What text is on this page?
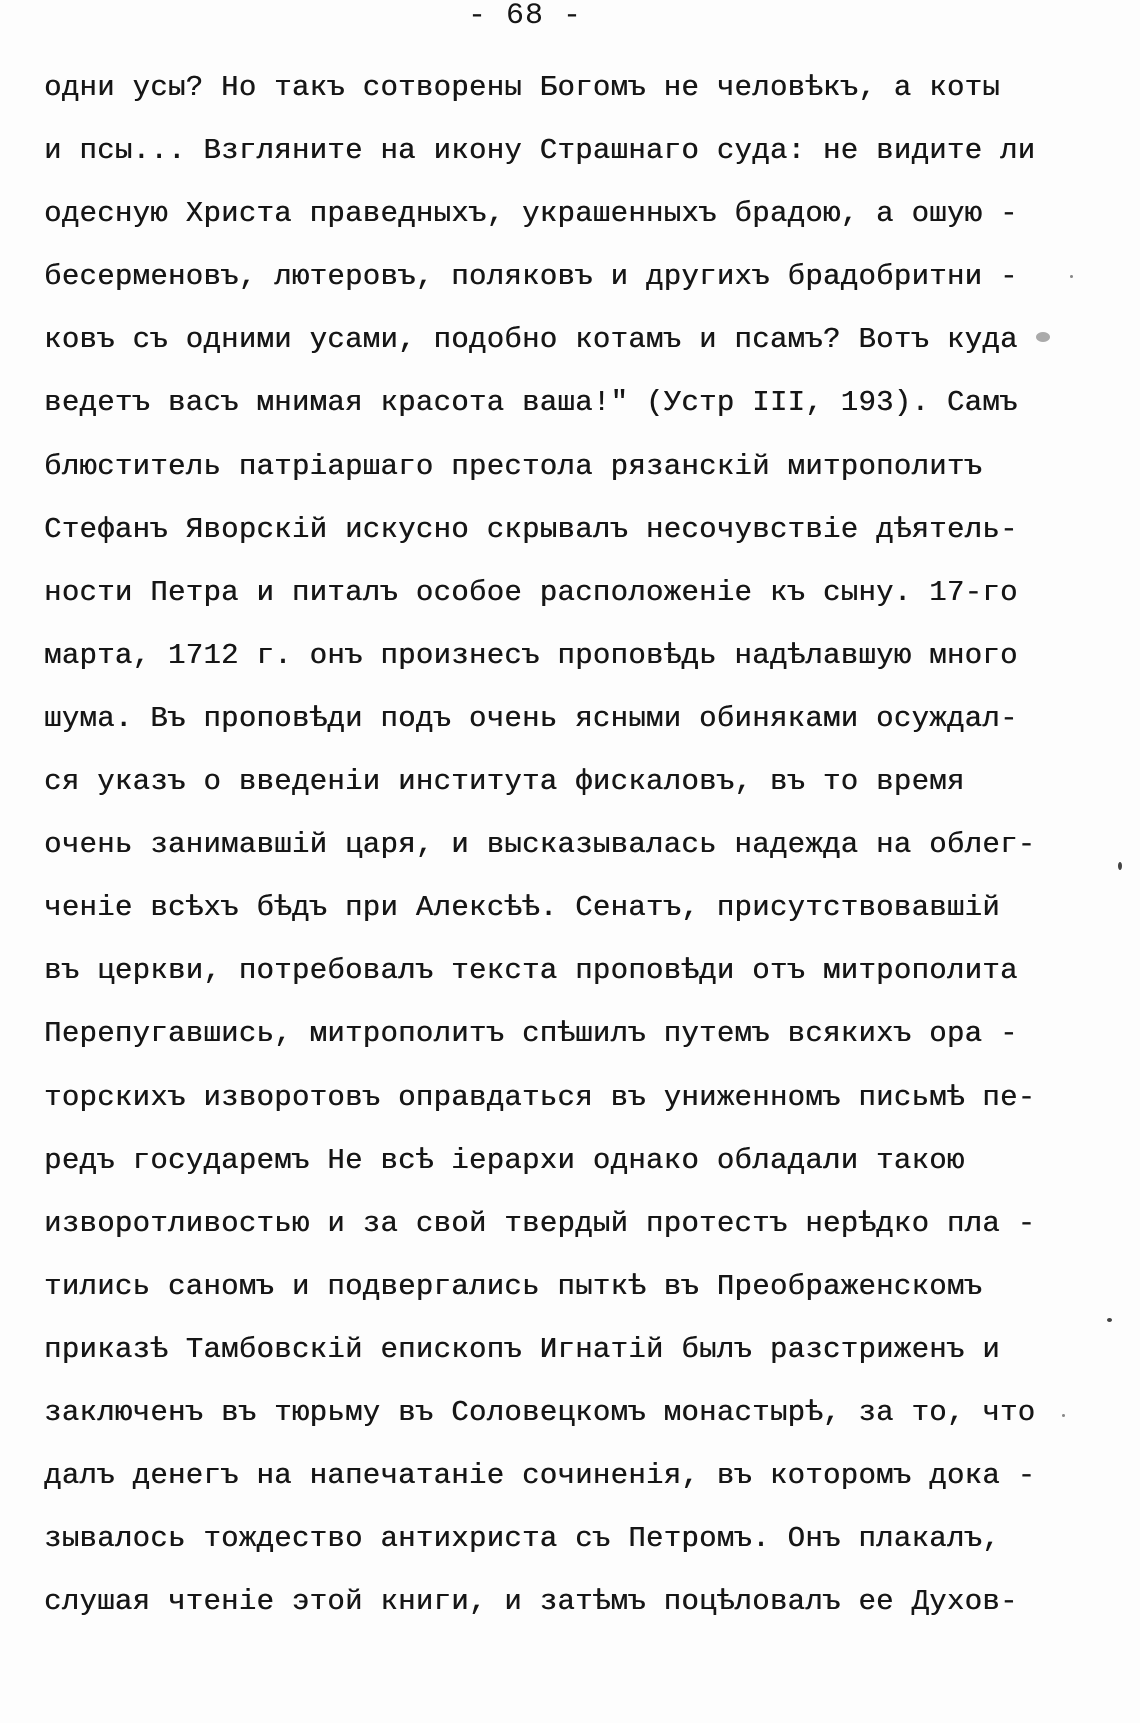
- 68 -
одни усы? Но такъ сотворены Богомъ не человѣкъ, а коты
и псы... Взгляните на икону Страшнаго суда: не видите ли
одесную Христа праведныхъ, украшенныхъ брадою, а ошую -
бесерменовъ, лютеровъ, поляковъ и другихъ брадобритни -
ковъ съ одними усами, подобно котамъ и псамъ? Вотъ куда
ведетъ васъ мнимая красота ваша!" (Устр III, 193). Самъ
блюститель патріаршаго престола рязанскій митрополитъ
Стефанъ Яворскій искусно скрывалъ несочувствіе дѣятель-
ности Петра и питалъ особое расположеніе къ сыну. 17-го
марта, 1712 г. онъ произнесъ проповѣдь надѣлавшую много
шума. Въ проповѣди подъ очень ясными обиняками осуждал-
ся указъ о введеніи института фискаловъ, въ то время
очень занимавшій царя, и высказывалась надежда на облег-
ченіе всѣхъ бѣдъ при Алексѣѣ. Сенатъ, присутствовавшій
въ церкви, потребовалъ текста проповѣди отъ митрополита
Перепугавшись, митрополитъ спѣшилъ путемъ всякихъ ора -
торскихъ изворотовъ оправдаться въ униженномъ письмѣ пе-
редъ государемъ Не всѣ іерархи однако обладали такою
изворотливостью и за свой твердый протестъ нерѣдко пла -
тились саномъ и подвергались пыткѣ въ Преображенскомъ
приказѣ Тамбовскій епископъ Игнатій былъ разстриженъ и
заключенъ въ тюрьму въ Соловецкомъ монастырѣ, за то, что
далъ денегъ на напечатаніе сочиненія, въ которомъ дока -
зывалось тождество антихриста съ Петромъ. Онъ плакалъ,
слушая чтеніе этой книги, и затѣмъ поцѣловалъ ее Духов-
